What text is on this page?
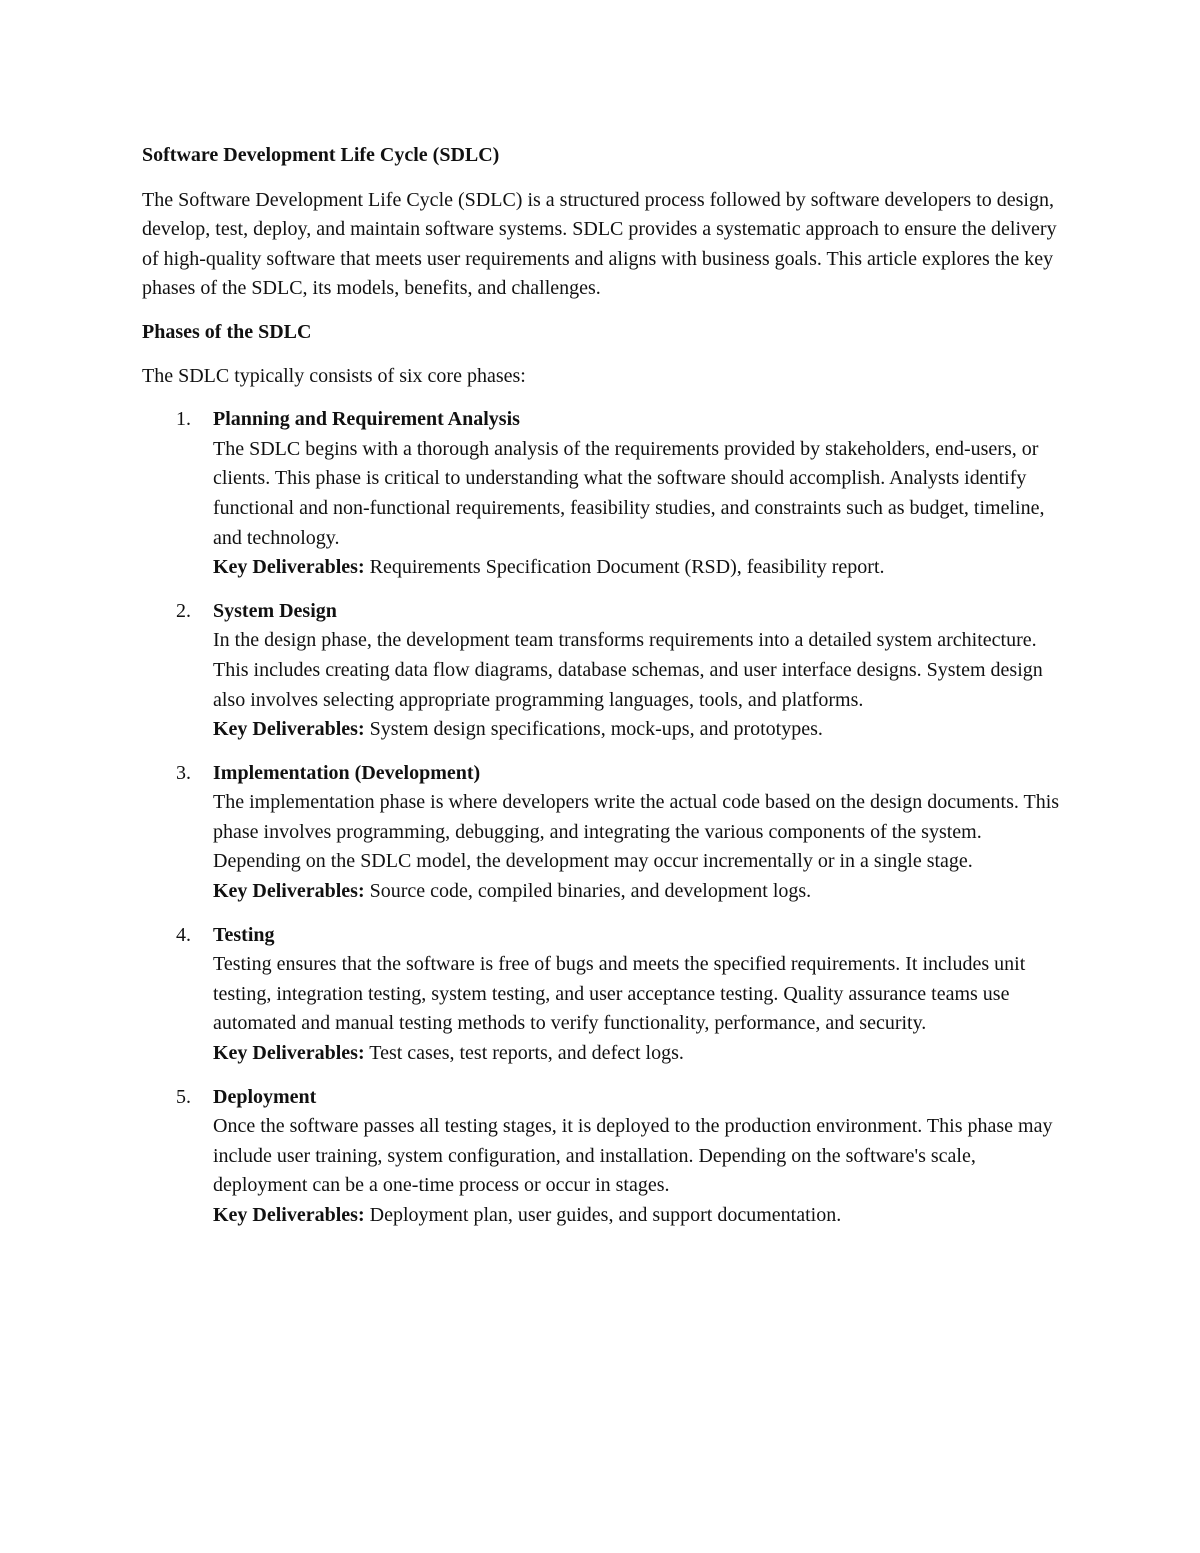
Software Development Life Cycle (SDLC)

The Software Development Life Cycle (SDLC) is a structured process followed by software developers to design, develop, test, deploy, and maintain software systems. SDLC provides a systematic approach to ensure the delivery of high-quality software that meets user requirements and aligns with business goals. This article explores the key phases of the SDLC, its models, benefits, and challenges.

Phases of the SDLC

The SDLC typically consists of six core phases:

1.	Planning and Requirement Analysis
The SDLC begins with a thorough analysis of the requirements provided by stakeholders, end-users, or clients. This phase is critical to understanding what the software should accomplish. Analysts identify functional and non-functional requirements, feasibility studies, and constraints such as budget, timeline, and technology.
Key Deliverables: Requirements Specification Document (RSD), feasibility report.
2.	System Design
In the design phase, the development team transforms requirements into a detailed system architecture. This includes creating data flow diagrams, database schemas, and user interface designs. System design also involves selecting appropriate programming languages, tools, and platforms.
Key Deliverables: System design specifications, mock-ups, and prototypes.
3.	Implementation (Development)
The implementation phase is where developers write the actual code based on the design documents. This phase involves programming, debugging, and integrating the various components of the system. Depending on the SDLC model, the development may occur incrementally or in a single stage.
Key Deliverables: Source code, compiled binaries, and development logs.
4.	Testing
Testing ensures that the software is free of bugs and meets the specified requirements. It includes unit testing, integration testing, system testing, and user acceptance testing. Quality assurance teams use automated and manual testing methods to verify functionality, performance, and security.
Key Deliverables: Test cases, test reports, and defect logs.
5.	Deployment
Once the software passes all testing stages, it is deployed to the production environment. This phase may include user training, system configuration, and installation. Depending on the software's scale, deployment can be a one-time process or occur in stages.
Key Deliverables: Deployment plan, user guides, and support documentation.
